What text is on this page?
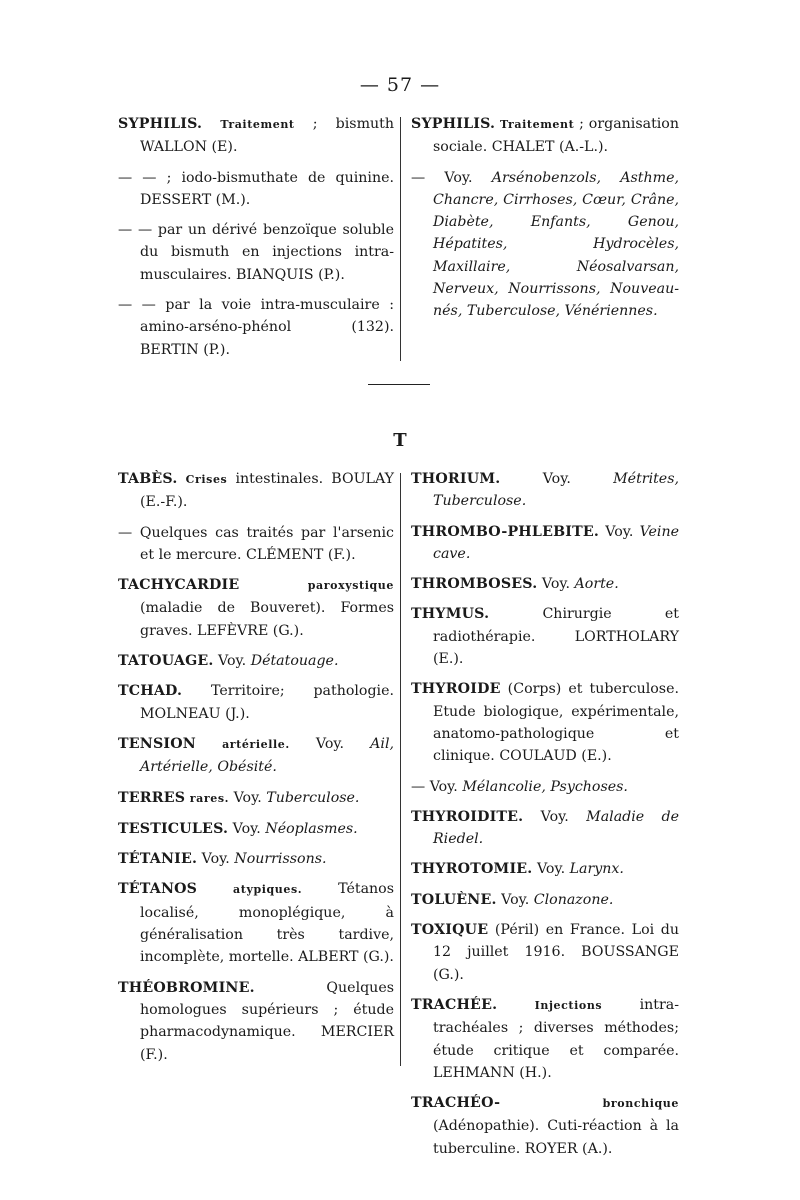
— 57 —

SYPHILIS. Traitement ; bismuth WALLON (E).

— — ; iodo-bismuthate de quinine. DESSERT (M.).

— — par un dérivé benzoïque soluble du bismuth en injections intra-musculaires. BIANQUIS (P.).

— — par la voie intra-musculaire : amino-arséno-phénol (132). BERTIN (P.).

SYPHILIS. Traitement ; organisation sociale. CHALET (A.-L.).

— Voy. Arsénobenzols, Asthme, Chancre, Cirrhoses, Cœur, Crâne, Diabète, Enfants, Genou, Hépatites, Hydrocèles, Maxillaire, Néosalvarsan, Nerveux, Nourrissons, Nouveau-nés, Tuberculose, Vénériennes.

T

TABÈS. Crises intestinales. BOULAY (E.-F.).

— Quelques cas traités par l'arsenic et le mercure. CLÉMENT (F.).

TACHYCARDIE	paroxystique (maladie de Bouveret). Formes graves. LEFÈVRE (G.).

TATOUAGE. Voy. Détatouage.

TCHAD. Territoire; pathologie. MOLNEAU (J.).

TENSION artérielle. Voy. Ail, Artérielle, Obésité.

TERRES rares. Voy. Tuberculose.

TESTICULES. Voy. Néoplasmes.

TÉTANIE. Voy. Nourrissons.

TÉTANOS	atypiques. Tétanos localisé, monoplégique, à généralisation très tardive, incomplète, mortelle. ALBERT (G.).

THÉOBROMINE. Quelques homologues supérieurs ; étude pharmacodynamique. MERCIER (F.).

THORIUM. Voy. Métrites, Tuberculose.

THROMBO-PHLEBITE. Voy. Veine cave.

THROMBOSES. Voy. Aorte.

THYMUS. Chirurgie et radiothérapie. LORTHOLARY (E.).

THYROIDE (Corps) et tuberculose. Etude biologique, expérimentale, anatomo-pathologique et clinique. COULAUD (E.).

— Voy. Mélancolie, Psychoses.

THYROIDITE. Voy. Maladie de Riedel.

THYROTOMIE. Voy. Larynx.

TOLUÈNE. Voy. Clonazone.

TOXIQUE (Péril) en France. Loi du 12 juillet 1916. BOUSSANGE (G.).

TRACHÉE.	Injections intra-trachéales ; diverses méthodes; étude critique et comparée. LEHMANN (H.).

TRACHÉO-	bronchique (Adénopathie). Cuti-réaction à la tuberculine. ROYER (A.).
